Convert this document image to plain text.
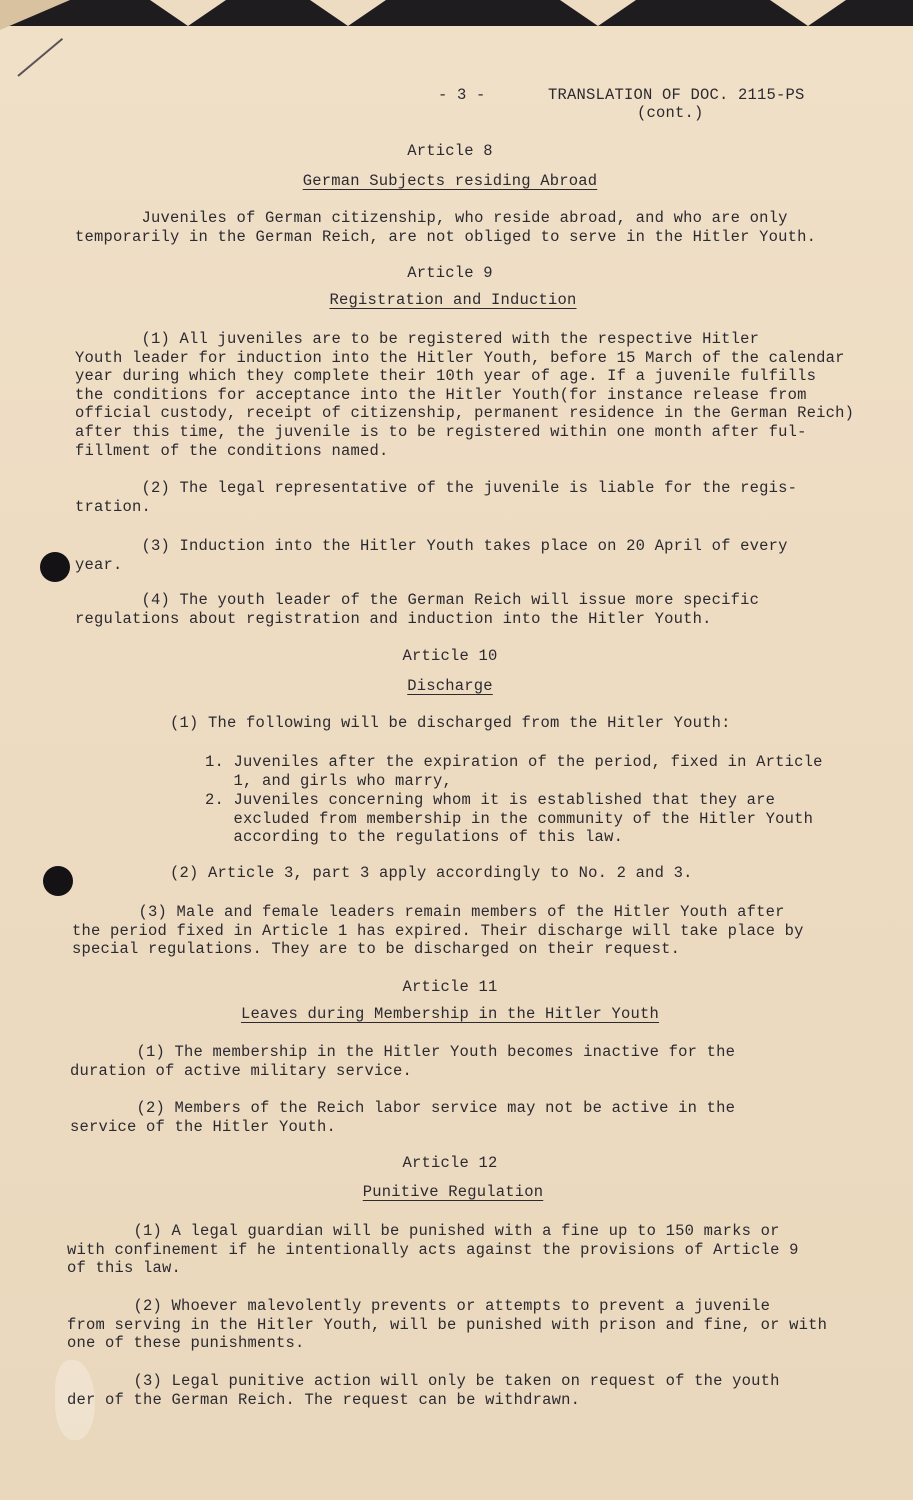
- 3 -	TRANSLATION OF DOC. 2115-PS

(cont.)

Article 8

German Subjects residing Abroad

Juveniles of German citizenship, who reside abroad, and who are only
temporarily in the German Reich, are not obliged to serve in the Hitler Youth.

Article 9

Registration and Induction

(1) All juveniles are to be registered with the respective Hitler
Youth leader for induction into the Hitler Youth, before 15 March of the calendar
year during which they complete their 10th year of age. If a juvenile fulfills
the conditions for acceptance into the Hitler Youth(for instance release from
official custody, receipt of citizenship, permanent residence in the German Reich)
after this time, the juvenile is to be registered within one month after ful-
fillment of the conditions named.

(2) The legal representative of the juvenile is liable for the regis-
tration.

(3) Induction into the Hitler Youth takes place on 20 April of every
year.

(4) The youth leader of the German Reich will issue more specific
regulations about registration and induction into the Hitler Youth.

Article 10

Discharge

(1) The following will be discharged from the Hitler Youth:

1. Juveniles after the expiration of the period, fixed in Article
1, and girls who marry,

2. Juveniles concerning whom it is established that they are
excluded from membership in the community of the Hitler Youth
according to the regulations of this law.

(2) Article 3, part 3 apply accordingly to No. 2 and 3.

(3) Male and female leaders remain members of the Hitler Youth after
the period fixed in Article 1 has expired. Their discharge will take place by
special regulations. They are to be discharged on their request.

Article 11

Leaves during Membership in the Hitler Youth

(1) The membership in the Hitler Youth becomes inactive for the
duration of active military service.

(2) Members of the Reich labor service may not be active in the
service of the Hitler Youth.

Article 12

Punitive Regulation

(1) A legal guardian will be punished with a fine up to 150 marks or
with confinement if he intentionally acts against the provisions of Article 9
of this law.

(2) Whoever malevolently prevents or attempts to prevent a juvenile
from serving in the Hitler Youth, will be punished with prison and fine, or with
one of these punishments.

(3) Legal punitive action will only be taken on request of the youth
der of the German Reich. The request can be withdrawn.
